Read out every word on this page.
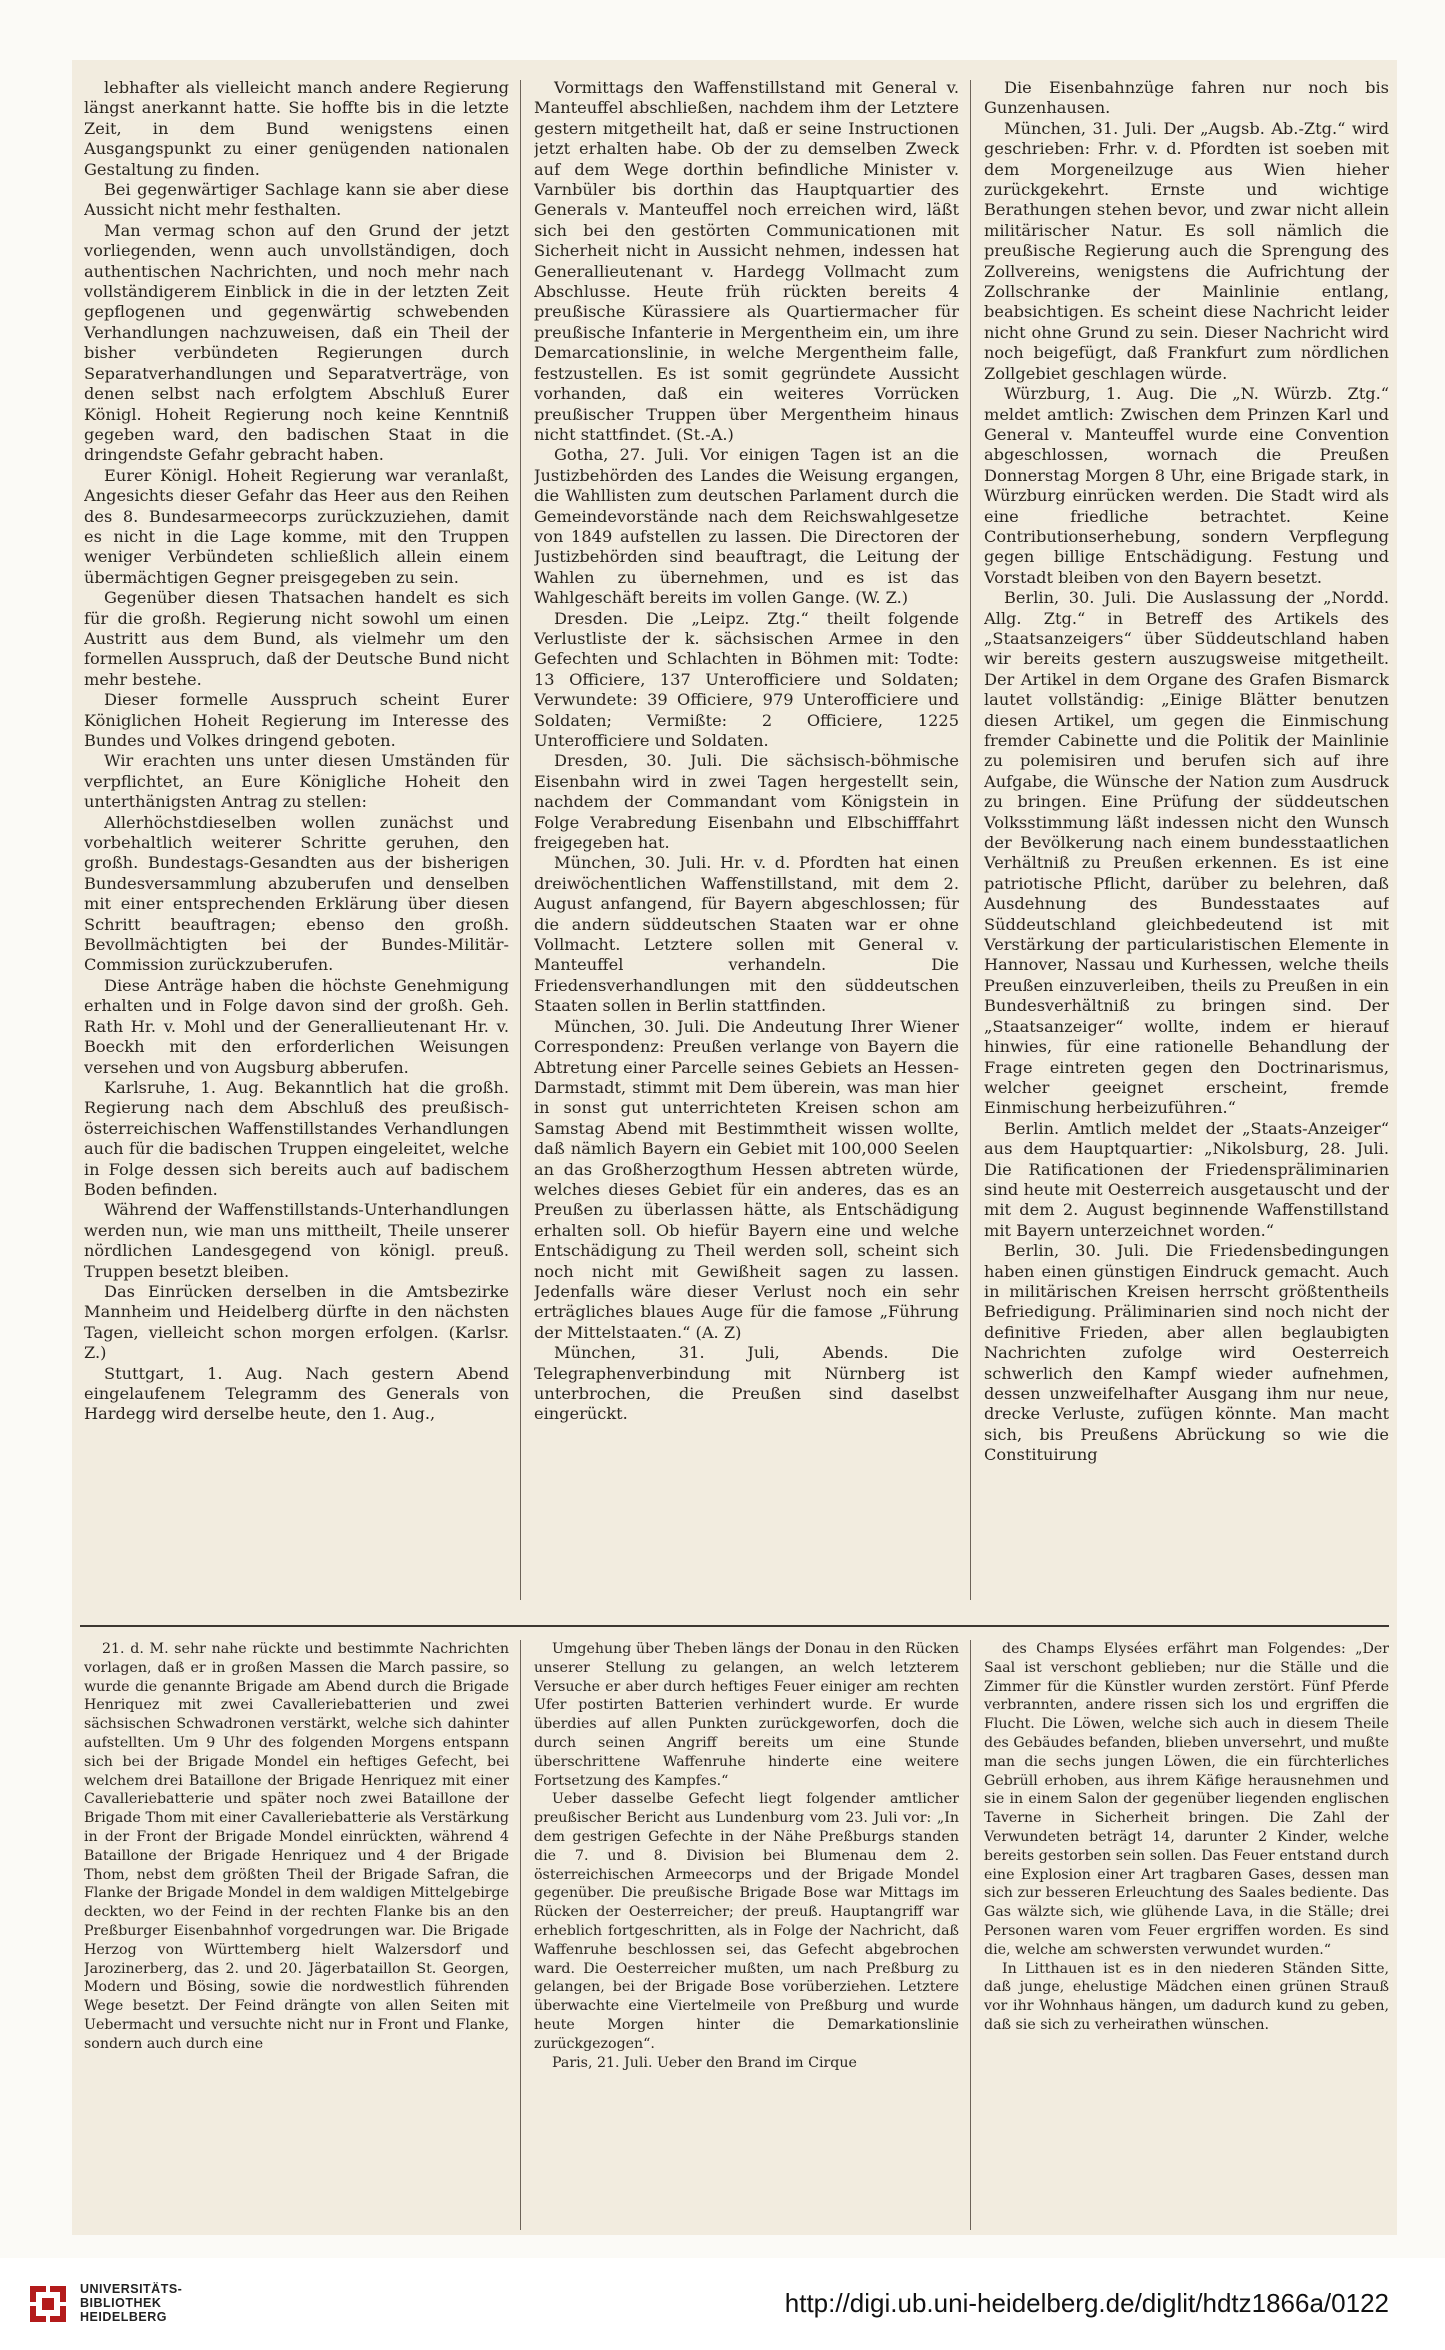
lebhafter als vielleicht manch andere Regierung längst anerkannt hatte. Sie hoffte bis in die letzte Zeit, in dem Bund wenigstens einen Ausgangspunkt zu einer genügenden nationalen Gestaltung zu finden.

Bei gegenwärtiger Sachlage kann sie aber diese Aussicht nicht mehr festhalten.

Man vermag schon auf den Grund der jetzt vorliegenden, wenn auch unvollständigen, doch authentischen Nachrichten, und noch mehr nach vollständigerem Einblick in die in der letzten Zeit gepflogenen und gegenwärtig schwebenden Verhandlungen nachzuweisen, daß ein Theil der bisher verbündeten Regierungen durch Separatverhandlungen und Separatverträge, von denen selbst nach erfolgtem Abschluß Eurer Königl. Hoheit Regierung noch keine Kenntniß gegeben ward, den badischen Staat in die dringendste Gefahr gebracht haben.

Eurer Königl. Hoheit Regierung war veranlaßt, Angesichts dieser Gefahr das Heer aus den Reihen des 8. Bundesarmeecorps zurückzuziehen, damit es nicht in die Lage komme, mit den Truppen weniger Verbündeten schließlich allein einem übermächtigen Gegner preisgegeben zu sein.

Gegenüber diesen Thatsachen handelt es sich für die großh. Regierung nicht sowohl um einen Austritt aus dem Bund, als vielmehr um den formellen Ausspruch, daß der Deutsche Bund nicht mehr bestehe.

Dieser formelle Ausspruch scheint Eurer Königlichen Hoheit Regierung im Interesse des Bundes und Volkes dringend geboten.

Wir erachten uns unter diesen Umständen für verpflichtet, an Eure Königliche Hoheit den unterthänigsten Antrag zu stellen:

Allerhöchstdieselben wollen zunächst und vorbehaltlich weiterer Schritte geruhen, den großh. Bundestags-Gesandten aus der bisherigen Bundesversammlung abzuberufen und denselben mit einer entsprechenden Erklärung über diesen Schritt beauftragen; ebenso den großh. Bevollmächtigten bei der Bundes-Militär-Commission zurückzuberufen.

Diese Anträge haben die höchste Genehmigung erhalten und in Folge davon sind der großh. Geh. Rath Hr. v. Mohl und der Generallieutenant Hr. v. Boeckh mit den erforderlichen Weisungen versehen und von Augsburg abberufen.

Karlsruhe, 1. Aug. Bekanntlich hat die großh. Regierung nach dem Abschluß des preußisch-österreichischen Waffenstillstandes Verhandlungen auch für die badischen Truppen eingeleitet, welche in Folge dessen sich bereits auch auf badischem Boden befinden.

Während der Waffenstillstands-Unterhandlungen werden nun, wie man uns mittheilt, Theile unserer nördlichen Landesgegend von königl. preuß. Truppen besetzt bleiben.

Das Einrücken derselben in die Amtsbezirke Mannheim und Heidelberg dürfte in den nächsten Tagen, vielleicht schon morgen erfolgen. (Karlsr. Z.)

Stuttgart, 1. Aug. Nach gestern Abend eingelaufenem Telegramm des Generals von Hardegg wird derselbe heute, den 1. Aug.,

Vormittags den Waffenstillstand mit General v. Manteuffel abschließen, nachdem ihm der Letztere gestern mitgetheilt hat, daß er seine Instructionen jetzt erhalten habe. Ob der zu demselben Zweck auf dem Wege dorthin befindliche Minister v. Varnbüler bis dorthin das Hauptquartier des Generals v. Manteuffel noch erreichen wird, läßt sich bei den gestörten Communicationen mit Sicherheit nicht in Aussicht nehmen, indessen hat Generallieutenant v. Hardegg Vollmacht zum Abschlusse. Heute früh rückten bereits 4 preußische Kürassiere als Quartiermacher für preußische Infanterie in Mergentheim ein, um ihre Demarcationslinie, in welche Mergentheim falle, festzustellen. Es ist somit gegründete Aussicht vorhanden, daß ein weiteres Vorrücken preußischer Truppen über Mergentheim hinaus nicht stattfindet. (St.-A.)

Gotha, 27. Juli. Vor einigen Tagen ist an die Justizbehörden des Landes die Weisung ergangen, die Wahllisten zum deutschen Parlament durch die Gemeindevorstände nach dem Reichswahlgesetze von 1849 aufstellen zu lassen. Die Directoren der Justizbehörden sind beauftragt, die Leitung der Wahlen zu übernehmen, und es ist das Wahlgeschäft bereits im vollen Gange. (W. Z.)

Dresden. Die „Leipz. Ztg.“ theilt folgende Verlustliste der k. sächsischen Armee in den Gefechten und Schlachten in Böhmen mit: Todte: 13 Officiere, 137 Unterofficiere und Soldaten; Verwundete: 39 Officiere, 979 Unterofficiere und Soldaten; Vermißte: 2 Officiere, 1225 Unterofficiere und Soldaten.

Dresden, 30. Juli. Die sächsisch-böhmische Eisenbahn wird in zwei Tagen hergestellt sein, nachdem der Commandant vom Königstein in Folge Verabredung Eisenbahn und Elbschifffahrt freigegeben hat.

München, 30. Juli. Hr. v. d. Pfordten hat einen dreiwöchentlichen Waffenstillstand, mit dem 2. August anfangend, für Bayern abgeschlossen; für die andern süddeutschen Staaten war er ohne Vollmacht. Letztere sollen mit General v. Manteuffel verhandeln. Die Friedensverhandlungen mit den süddeutschen Staaten sollen in Berlin stattfinden.

München, 30. Juli. Die Andeutung Ihrer Wiener Correspondenz: Preußen verlange von Bayern die Abtretung einer Parcelle seines Gebiets an Hessen-Darmstadt, stimmt mit Dem überein, was man hier in sonst gut unterrichteten Kreisen schon am Samstag Abend mit Bestimmtheit wissen wollte, daß nämlich Bayern ein Gebiet mit 100,000 Seelen an das Großherzogthum Hessen abtreten würde, welches dieses Gebiet für ein anderes, das es an Preußen zu überlassen hätte, als Entschädigung erhalten soll. Ob hiefür Bayern eine und welche Entschädigung zu Theil werden soll, scheint sich noch nicht mit Gewißheit sagen zu lassen. Jedenfalls wäre dieser Verlust noch ein sehr erträgliches blaues Auge für die famose „Führung der Mittelstaaten.“ (A. Z)

München, 31. Juli, Abends. Die Telegraphenverbindung mit Nürnberg ist unterbrochen, die Preußen sind daselbst eingerückt.

Die Eisenbahnzüge fahren nur noch bis Gunzenhausen.

München, 31. Juli. Der „Augsb. Ab.-Ztg.“ wird geschrieben: Frhr. v. d. Pfordten ist soeben mit dem Morgeneilzuge aus Wien hieher zurückgekehrt. Ernste und wichtige Berathungen stehen bevor, und zwar nicht allein militärischer Natur. Es soll nämlich die preußische Regierung auch die Sprengung des Zollvereins, wenigstens die Aufrichtung der Zollschranke der Mainlinie entlang, beabsichtigen. Es scheint diese Nachricht leider nicht ohne Grund zu sein. Dieser Nachricht wird noch beigefügt, daß Frankfurt zum nördlichen Zollgebiet geschlagen würde.

Würzburg, 1. Aug. Die „N. Würzb. Ztg.“ meldet amtlich: Zwischen dem Prinzen Karl und General v. Manteuffel wurde eine Convention abgeschlossen, wornach die Preußen Donnerstag Morgen 8 Uhr, eine Brigade stark, in Würzburg einrücken werden. Die Stadt wird als eine friedliche betrachtet. Keine Contributionserhebung, sondern Verpflegung gegen billige Entschädigung. Festung und Vorstadt bleiben von den Bayern besetzt.

Berlin, 30. Juli. Die Auslassung der „Nordd. Allg. Ztg.“ in Betreff des Artikels des „Staatsanzeigers“ über Süddeutschland haben wir bereits gestern auszugsweise mitgetheilt. Der Artikel in dem Organe des Grafen Bismarck lautet vollständig: „Einige Blätter benutzen diesen Artikel, um gegen die Einmischung fremder Cabinette und die Politik der Mainlinie zu polemisiren und berufen sich auf ihre Aufgabe, die Wünsche der Nation zum Ausdruck zu bringen. Eine Prüfung der süddeutschen Volksstimmung läßt indessen nicht den Wunsch der Bevölkerung nach einem bundesstaatlichen Verhältniß zu Preußen erkennen. Es ist eine patriotische Pflicht, darüber zu belehren, daß Ausdehnung des Bundesstaates auf Süddeutschland gleichbedeutend ist mit Verstärkung der particularistischen Elemente in Hannover, Nassau und Kurhessen, welche theils Preußen einzuverleiben, theils zu Preußen in ein Bundesverhältniß zu bringen sind. Der „Staatsanzeiger“ wollte, indem er hierauf hinwies, für eine rationelle Behandlung der Frage eintreten gegen den Doctrinarismus, welcher geeignet erscheint, fremde Einmischung herbeizuführen.“

Berlin. Amtlich meldet der „Staats-Anzeiger“ aus dem Hauptquartier: „Nikolsburg, 28. Juli. Die Ratificationen der Friedenspräliminarien sind heute mit Oesterreich ausgetauscht und der mit dem 2. August beginnende Waffenstillstand mit Bayern unterzeichnet worden.“

Berlin, 30. Juli. Die Friedensbedingungen haben einen günstigen Eindruck gemacht. Auch in militärischen Kreisen herrscht größtentheils Befriedigung. Präliminarien sind noch nicht der definitive Frieden, aber allen beglaubigten Nachrichten zufolge wird Oesterreich schwerlich den Kampf wieder aufnehmen, dessen unzweifelhafter Ausgang ihm nur neue, drecke Verluste, zufügen könnte. Man macht sich, bis Preußens Abrückung so wie die Constituirung

21. d. M. sehr nahe rückte und bestimmte Nachrichten vorlagen, daß er in großen Massen die March passire, so wurde die genannte Brigade am Abend durch die Brigade Henriquez mit zwei Cavalleriebatterien und zwei sächsischen Schwadronen verstärkt, welche sich dahinter aufstellten. Um 9 Uhr des folgenden Morgens entspann sich bei der Brigade Mondel ein heftiges Gefecht, bei welchem drei Bataillone der Brigade Henriquez mit einer Cavalleriebatterie und später noch zwei Bataillone der Brigade Thom mit einer Cavalleriebatterie als Verstärkung in der Front der Brigade Mondel einrückten, während 4 Bataillone der Brigade Henriquez und 4 der Brigade Thom, nebst dem größten Theil der Brigade Safran, die Flanke der Brigade Mondel in dem waldigen Mittelgebirge deckten, wo der Feind in der rechten Flanke bis an den Preßburger Eisenbahnhof vorgedrungen war. Die Brigade Herzog von Württemberg hielt Walzersdorf und Jarozinerberg, das 2. und 20. Jägerbataillon St. Georgen, Modern und Bösing, sowie die nordwestlich führenden Wege besetzt. Der Feind drängte von allen Seiten mit Uebermacht und versuchte nicht nur in Front und Flanke, sondern auch durch eine

Umgehung über Theben längs der Donau in den Rücken unserer Stellung zu gelangen, an welch letzterem Versuche er aber durch heftiges Feuer einiger am rechten Ufer postirten Batterien verhindert wurde. Er wurde überdies auf allen Punkten zurückgeworfen, doch die durch seinen Angriff bereits um eine Stunde überschrittene Waffenruhe hinderte eine weitere Fortsetzung des Kampfes.“

Ueber dasselbe Gefecht liegt folgender amtlicher preußischer Bericht aus Lundenburg vom 23. Juli vor: „In dem gestrigen Gefechte in der Nähe Preßburgs standen die 7. und 8. Division bei Blumenau dem 2. österreichischen Armeecorps und der Brigade Mondel gegenüber. Die preußische Brigade Bose war Mittags im Rücken der Oesterreicher; der preuß. Hauptangriff war erheblich fortgeschritten, als in Folge der Nachricht, daß Waffenruhe beschlossen sei, das Gefecht abgebrochen ward. Die Oesterreicher mußten, um nach Preßburg zu gelangen, bei der Brigade Bose vorüberziehen. Letztere überwachte eine Viertelmeile von Preßburg und wurde heute Morgen hinter die Demarkationslinie zurückgezogen“.

Paris, 21. Juli. Ueber den Brand im Cirque

des Champs Elysées erfährt man Folgendes: „Der Saal ist verschont geblieben; nur die Ställe und die Zimmer für die Künstler wurden zerstört. Fünf Pferde verbrannten, andere rissen sich los und ergriffen die Flucht. Die Löwen, welche sich auch in diesem Theile des Gebäudes befanden, blieben unversehrt, und mußte man die sechs jungen Löwen, die ein fürchterliches Gebrüll erhoben, aus ihrem Käfige herausnehmen und sie in einem Salon der gegenüber liegenden englischen Taverne in Sicherheit bringen. Die Zahl der Verwundeten beträgt 14, darunter 2 Kinder, welche bereits gestorben sein sollen. Das Feuer entstand durch eine Explosion einer Art tragbaren Gases, dessen man sich zur besseren Erleuchtung des Saales bediente. Das Gas wälzte sich, wie glühende Lava, in die Ställe; drei Personen waren vom Feuer ergriffen worden. Es sind die, welche am schwersten verwundet wurden.“

In Litthauen ist es in den niederen Ständen Sitte, daß junge, ehelustige Mädchen einen grünen Strauß vor ihr Wohnhaus hängen, um dadurch kund zu geben, daß sie sich zu verheirathen wünschen.

UNIVERSITÄTS-
BIBLIOTHEK
HEIDELBERG	http://digi.ub.uni-heidelberg.de/diglit/hdtz1866a/0122
